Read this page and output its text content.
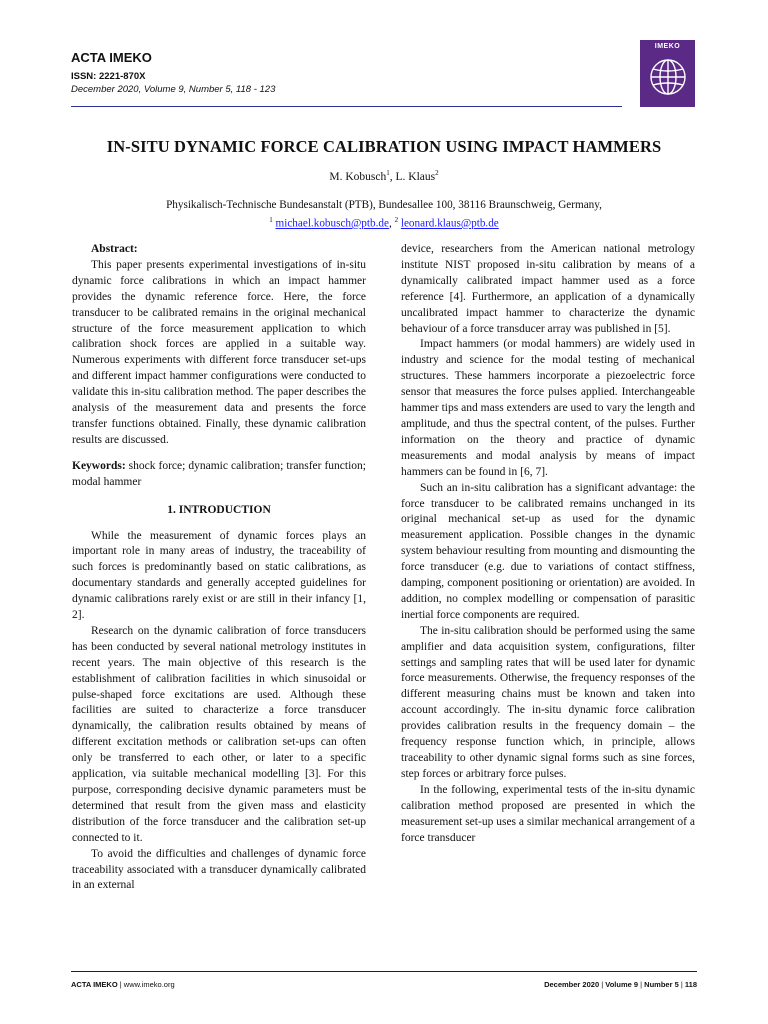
ACTA IMEKO
ISSN: 2221-870X
December 2020, Volume 9, Number 5, 118 - 123
IMEKO
IN-SITU DYNAMIC FORCE CALIBRATION USING IMPACT HAMMERS
M. Kobusch$^1$, L. Klaus$^2$
Physikalisch-Technische Bundesanstalt (PTB), Bundesallee 100, 38116 Braunschweig, Germany,
$^1$ michael.kobusch@ptb.de, $^2$ leonard.klaus@ptb.de

Abstract:

This paper presents experimental investigations of in-situ dynamic force calibrations in which an impact hammer provides the dynamic reference force. Here, the force transducer to be calibrated remains in the original mechanical structure of the force measurement application to which calibration shock forces are applied in a suitable way. Numerous experiments with different force transducer set-ups and different impact hammer configurations were conducted to validate this in-situ calibration method. The paper describes the analysis of the measurement data and presents the force transfer functions obtained. Finally, these dynamic calibration results are discussed.

Keywords: shock force; dynamic calibration; transfer function; modal hammer

1. INTRODUCTION

While the measurement of dynamic forces plays an important role in many areas of industry, the traceability of such forces is predominantly based on static calibrations, as documentary standards and generally accepted guidelines for dynamic calibrations rarely exist or are still in their infancy [1, 2].

Research on the dynamic calibration of force transducers has been conducted by several national metrology institutes in recent years. The main objective of this research is the establishment of calibration facilities in which sinusoidal or pulse-shaped force excitations are used. Although these facilities are suited to characterize a force transducer dynamically, the calibration results obtained by means of different excitation methods or calibration set-ups can often only be transferred to each other, or later to a specific application, via suitable mechanical modelling [3]. For this purpose, corresponding decisive dynamic parameters must be determined that result from the given mass and elasticity distribution of the force transducer and the calibration set-up connected to it.

To avoid the difficulties and challenges of dynamic force traceability associated with a transducer dynamically calibrated in an external

device, researchers from the American national metrology institute NIST proposed in-situ calibration by means of a dynamically calibrated impact hammer used as a force reference [4]. Furthermore, an application of a dynamically uncalibrated impact hammer to characterize the dynamic behaviour of a force transducer array was published in [5].

Impact hammers (or modal hammers) are widely used in industry and science for the modal testing of mechanical structures. These hammers incorporate a piezoelectric force sensor that measures the force pulses applied. Interchangeable hammer tips and mass extenders are used to vary the length and amplitude, and thus the spectral content, of the pulses. Further information on the theory and practice of dynamic measurements and modal analysis by means of impact hammers can be found in [6, 7].

Such an in-situ calibration has a significant advantage: the force transducer to be calibrated remains unchanged in its original mechanical set-up as used for the dynamic measurement application. Possible changes in the dynamic system behaviour resulting from mounting and dismounting the force transducer (e.g. due to variations of contact stiffness, damping, component positioning or orientation) are avoided. In addition, no complex modelling or compensation of parasitic inertial force components are required.

The in-situ calibration should be performed using the same amplifier and data acquisition system, configurations, filter settings and sampling rates that will be used later for dynamic force measurements. Otherwise, the frequency responses of the different measuring chains must be known and taken into account accordingly. The in-situ dynamic force calibration provides calibration results in the frequency domain – the frequency response function which, in principle, allows traceability to other dynamic signal forms such as sine forces, step forces or arbitrary force pulses.

In the following, experimental tests of the in-situ dynamic calibration method proposed are presented in which the measurement set-up uses a similar mechanical arrangement of a force transducer

ACTA IMEKO | www.imeko.org	December 2020 | Volume 9 | Number 5 | 118
